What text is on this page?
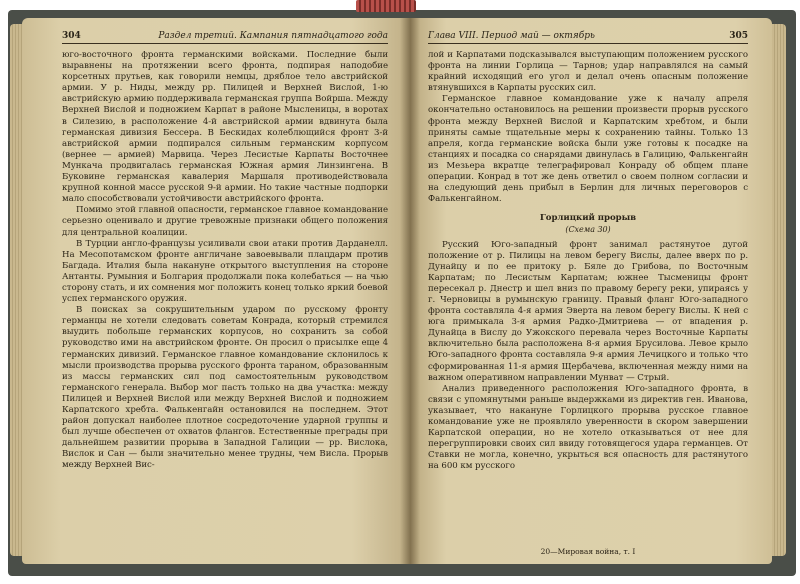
304	Раздел третий. Кампания пятнадцатого года

юго-восточного фронта германскими войсками. Последние были выравнены на протяжении всего фронта, подпирая наподобие корсетных прутьев, как говорили немцы, дряблое тело австрийской армии. У р. Ниды, между рр. Пилицей и Верхней Вислой, 1-ю австрийскую армию поддерживала германская группа Войрша. Между Верхней Вислой и подножием Карпат в районе Мысленицы, в воротах в Силезию, в расположение 4-й австрийской армии вдвинута была германская дивизия Бессера. В Бескидах колеблющийся фронт 3-й австрийской армии подпирался сильным германским корпусом (вернее — армией) Марвица. Через Лесистые Карпаты Восточнее Мункача продвигалась германская Южная армия Линзингена. В Буковине германская кавалерия Маршаля противодействовала крупной конной массе русской 9-й армии. Но такие частные подпорки мало способствовали устойчивости австрийского фронта.

Помимо этой главной опасности, германское главное командование серьезно оценивало и другие тревожные признаки общего положения для центральной коалиции.

В Турции англо-французы усиливали свои атаки против Дарданелл. На Месопотамском фронте англичане завоевывали плацдарм против Багдада. Италия была накануне открытого выступления на стороне Антанты. Румыния и Болгария продолжали пока колебаться — на чью сторону стать, и их сомнения мог положить конец только яркий боевой успех германского оружия.

В поисках за сокрушительным ударом по русскому фронту германцы не хотели следовать советам Конрада, который стремился выудить побольше германских корпусов, но сохранить за собой руководство ими на австрийском фронте. Он просил о присылке еще 4 германских дивизий. Германское главное командование склонилось к мысли производства прорыва русского фронта тараном, образованным из массы германских сил под самостоятельным руководством германского генерала. Выбор мог пасть только на два участка: между Пилицей и Верхней Вислой или между Верхней Вислой и подножием Карпатского хребта. Фалькенгайн остановился на последнем. Этот район допускал наиболее плотное сосредоточение ударной группы и был лучше обеспечен от охватов флангов. Естественные преграды при дальнейшем развитии прорыва в Западной Галиции — рр. Вислока, Вислок и Сан — были значительно менее трудны, чем Висла. Прорыв между Верхней Вис-

Глава VIII. Период май — октябрь	305

лой и Карпатами подсказывался выступающим положением русского фронта на линии Горлица — Тарнов; удар направлялся на самый крайний исходящий его угол и делал очень опасным положение втянувшихся в Карпаты русских сил.

Германское главное командование уже к началу апреля окончательно остановилось на решении произвести прорыв русского фронта между Верхней Вислой и Карпатским хребтом, и были приняты самые тщательные меры к сохранению тайны. Только 13 апреля, когда германские войска были уже готовы к посадке на станциях и посадка со снарядами двинулась в Галицию, Фалькенгайн из Мезьера вкратце телеграфировал Конраду об общем плане операции. Конрад в тот же день ответил о своем полном согласии и на следующий день прибыл в Берлин для личных переговоров с Фалькенгайном.

Горлицкий прорыв

(Схема 30)

Русский Юго-западный фронт занимал растянутое дугой положение от р. Пилицы на левом берегу Вислы, далее вверх по р. Дунайцу и по ее притоку р. Бяле до Грибова, по Восточным Карпатам; по Лесистым Карпатам; южнее Тысменицы фронт пересекал р. Днестр и шел вниз по правому берегу реки, упираясь у г. Черновицы в румынскую границу. Правый фланг Юго-западного фронта составляла 4-я армия Эверта на левом берегу Вислы. К ней с юга примыкала 3-я армия Радко-Дмитриева — от впадения р. Дунайца в Вислу до Ужокского перевала через Восточные Карпаты включительно была расположена 8-я армия Брусилова. Левое крыло Юго-западного фронта составляла 9-я армия Лечицкого и только что сформированная 11-я армия Щербачева, включенная между ними на важном оперативном направлении Мунват — Стрый.

Анализ приведенного расположения Юго-западного фронта, в связи с упомянутыми раньше выдержками из директив ген. Иванова, указывает, что накануне Горлицкого прорыва русское главное командование уже не проявляло уверенности в скором завершении Карпатской операции, но не хотело отказываться от нее для перегруппировки своих сил ввиду готовящегося удара германцев. От Ставки не могла, конечно, укрыться вся опасность для растянутого на 600 км русского

20—Мировая война, т. I
